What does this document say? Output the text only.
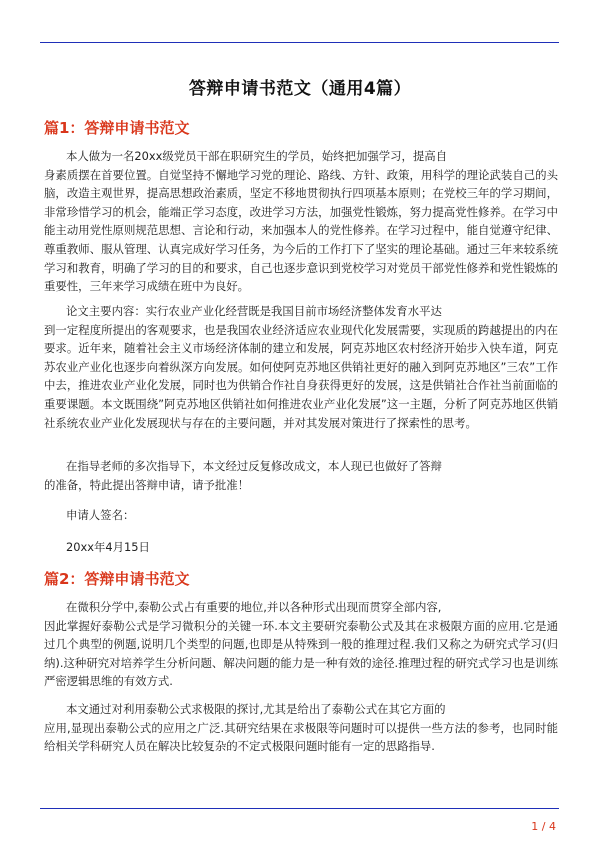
答辩申请书范文（通用4篇）
篇1：答辩申请书范文

本人做为一名20xx级党员干部在职研究生的学员，始终把加强学习，提高自
身素质摆在首要位置。自觉坚持不懈地学习党的理论、路线、方针、政策，用科学的理论武装自己的头脑，改造主观世界，提高思想政治素质，坚定不移地贯彻执行四项基本原则；在党校三年的学习期间，非常珍惜学习的机会，能端正学习态度，改进学习方法，加强党性锻炼，努力提高党性修养。在学习中能主动用党性原则规范思想、言论和行动，来加强本人的党性修养。在学习过程中，能自觉遵守纪律、尊重教师、服从管理、认真完成好学习任务，为今后的工作打下了坚实的理论基础。通过三年来较系统学习和教育，明确了学习的目的和要求，自己也逐步意识到党校学习对党员干部党性修养和党性锻炼的重要性，三年来学习成绩在班中为良好。

论文主要内容：实行农业产业化经营既是我国目前市场经济整体发育水平达
到一定程度所提出的客观要求，也是我国农业经济适应农业现代化发展需要，实现质的跨越提出的内在要求。近年来，随着社会主义市场经济体制的建立和发展，阿克苏地区农村经济开始步入快车道，阿克苏农业产业化也逐步向着纵深方向发展。如何使阿克苏地区供销社更好的融入到阿克苏地区”三农”工作中去，推进农业产业化发展，同时也为供销合作社自身获得更好的发展，这是供销社合作社当前面临的重要课题。本文既围绕”阿克苏地区供销社如何推进农业产业化发展”这一主题，分析了阿克苏地区供销社系统农业产业化发展现状与存在的主要问题，并对其发展对策进行了探索性的思考。

在指导老师的多次指导下，本文经过反复修改成文，本人现已也做好了答辩
的准备，特此提出答辩申请，请予批准！

申请人签名：
20xx年4月15日
篇2：答辩申请书范文

在微积分学中,泰勒公式占有重要的地位,并以各种形式出现而贯穿全部内容,
因此掌握好泰勒公式是学习微积分的关键一环.本文主要研究泰勒公式及其在求极限方面的应用.它是通过几个典型的例题,说明几个类型的问题,也即是从特殊到一般的推理过程.我们又称之为研究式学习(归纳).这种研究对培养学生分析问题、解决问题的能力是一种有效的途径.推理过程的研究式学习也是训练严密逻辑思维的有效方式.

本文通过对利用泰勒公式求极限的探讨,尤其是给出了泰勒公式在其它方面的
应用,显现出泰勒公式的应用之广泛.其研究结果在求极限等问题时可以提供一些方法的参考，也同时能给相关学科研究人员在解决比较复杂的不定式极限问题时能有一定的思路指导.

1 / 4
